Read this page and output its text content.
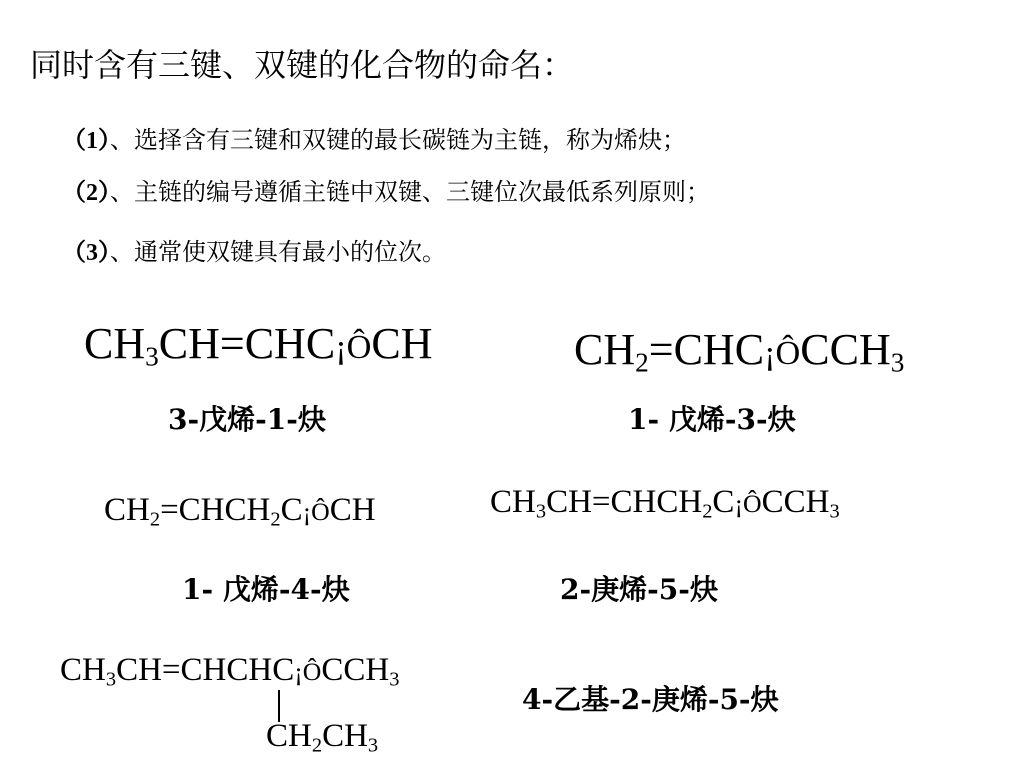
同时含有三键、双键的化合物的命名：
（1）、选择含有三键和双键的最长碳链为主链，称为烯炔；
（2）、主链的编号遵循主链中双键、三键位次最低系列原则；
（3）、通常使双键具有最小的位次。
$CH_3CH=CHC¡ÔCH$
3-戊烯-1-炔
$CH_2=CHC¡ÔCCH_3$
1- 戊烯-3-炔
$CH_2=CHCH_2C¡ÔCH$
1- 戊烯-4-炔
$CH_3CH=CHCH_2C¡ÔCCH_3$
2-庚烯-5-炔
$CH_3CH=CHCHC¡ÔCCH_3$
$CH_2CH_3$
4-乙基-2-庚烯-5-炔
